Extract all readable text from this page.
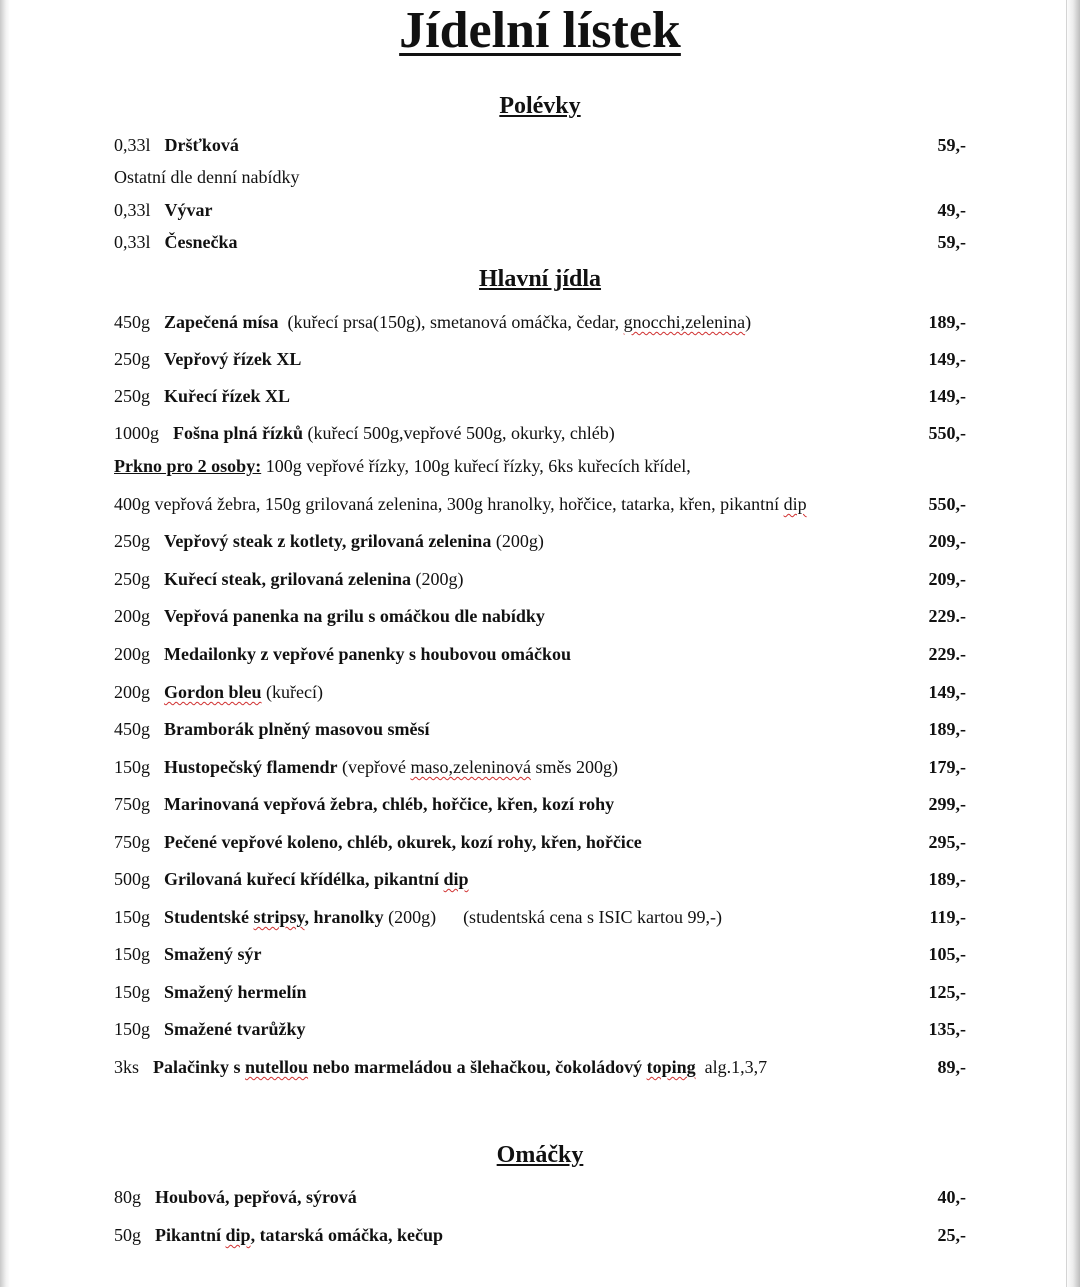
Jídelní lístek
Polévky
0,33l Dršťková	59,-
Ostatní dle denní nabídky
0,33l Vývar	49,-
0,33l Česnečka	59,-
Hlavní jídla
450g Zapečená mísa  (kuřecí prsa(150g), smetanová omáčka, čedar, gnocchi,zelenina)	189,-
250g Vepřový řízek XL	149,-
250g Kuřecí řízek XL	149,-
1000g Fošna plná řízků (kuřecí 500g,vepřové 500g, okurky, chléb)	550,-
Prkno pro 2 osoby: 100g vepřové řízky, 100g kuřecí řízky, 6ks kuřecích křídel,
400g vepřová žebra, 150g grilovaná zelenina, 300g hranolky, hořčice, tatarka, křen, pikantní dip	550,-
250g Vepřový steak z kotlety, grilovaná zelenina (200g)	209,-
250g Kuřecí steak, grilovaná zelenina (200g)	209,-
200g Vepřová panenka na grilu s omáčkou dle nabídky	229.-
200g Medailonky z vepřové panenky s houbovou omáčkou	229.-
200g Gordon bleu (kuřecí)	149,-
450g Bramborák plněný masovou směsí	189,-
150g Hustopečský flamendr (vepřové maso,zeleninová směs 200g)	179,-
750g Marinovaná vepřová žebra, chléb, hořčice, křen, kozí rohy	299,-
750g Pečené vepřové koleno, chléb, okurek, kozí rohy, křen, hořčice	295,-
500g Grilovaná kuřecí křídélka, pikantní dip	189,-
150g Studentské stripsy, hranolky (200g)      (studentská cena s ISIC kartou 99,-)	119,-
150g Smažený sýr	105,-
150g Smažený hermelín	125,-
150g Smažené tvarůžky	135,-
3ks Palačinky s nutellou nebo marmeládou a šlehačkou, čokoládový toping  alg.1,3,7	89,-
Omáčky
80g Houbová, pepřová, sýrová	40,-
50g Pikantní dip, tatarská omáčka, kečup	25,-
